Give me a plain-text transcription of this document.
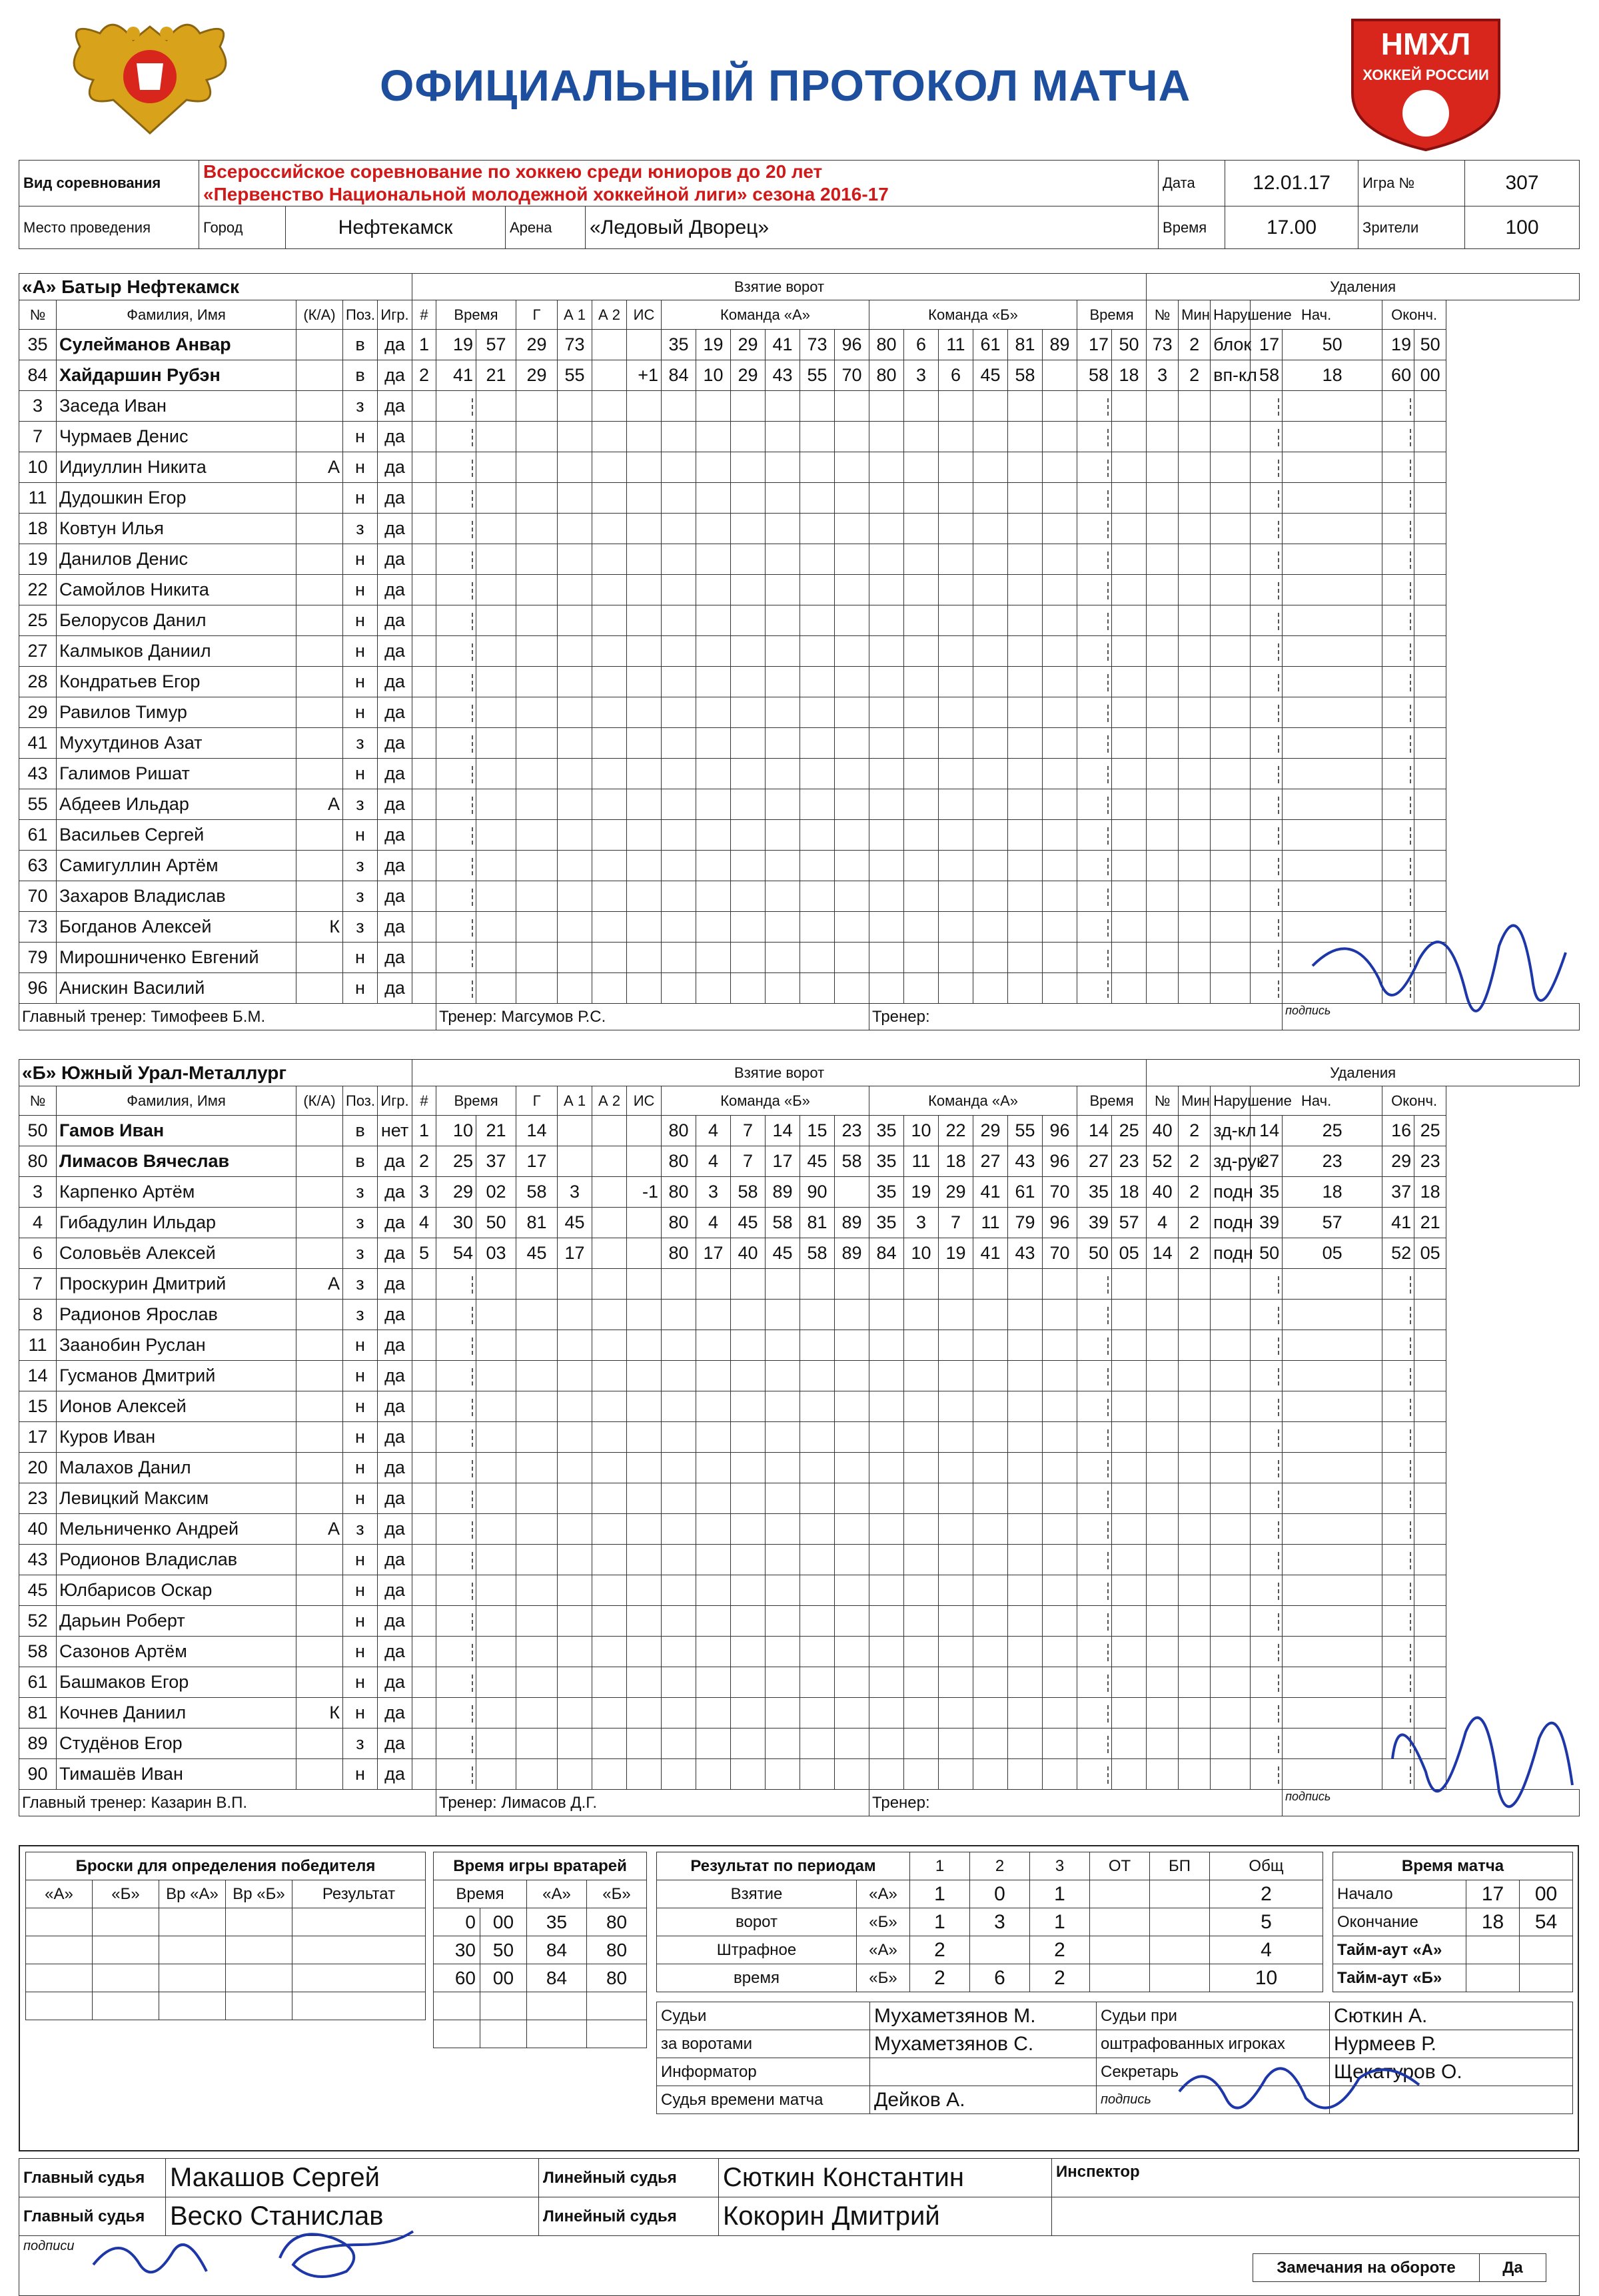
ОФИЦИАЛЬНЫЙ ПРОТОКОЛ МАТЧА
НМХЛ
ХОККЕЙ РОССИИ
Вид соревнования	Всероссийское соревнование по хоккею среди юниоров до 20 лет
«Первенство Национальной молодежной хоккейной лиги» сезона 2016-17				Дата	12.01.17	Игра №	307
Место проведения	Город	Нефтекамск	Арена	«Ледовый Дворец»	Время	17.00	Зрители	100
«А» Батыр Нефтекамск					Взятие ворот																					Удаления						
№	Фамилия, Имя	(К/А)	Поз.	Игр.	#	Время		Г	А 1	А 2	ИС	Команда «А»						Команда «Б»						Время		№	Мин	Нарушение	Нач.		Оконч.	
35	Сулейманов Анвар		в	да	1	19	57	29	73			35	19	29	41	73	96	80	6	11	61	81	89	17	50	73	2	блок	17	50	19	50
84	Хайдаршин Рубэн		в	да	2	41	21	29	55		+1	84	10	29	43	55	70	80	3	6	45	58		58	18	3	2	вп-кл	58	18	60	00
3	Заседа Иван		з	да																												
7	Чурмаев Денис		н	да																												
10	Идиуллин Никита	А	н	да																												
11	Дудошкин Егор		н	да																												
18	Ковтун Илья		з	да																												
19	Данилов Денис		н	да																												
22	Самойлов Никита		н	да																												
25	Белорусов Данил		н	да																												
27	Калмыков Даниил		н	да																												
28	Кондратьев Егор		н	да																												
29	Равилов Тимур		н	да																												
41	Мухутдинов Азат		з	да																												
43	Галимов Ришат		н	да																												
55	Абдеев Ильдар	А	з	да																												
61	Васильев Сергей		н	да																												
63	Самигуллин Артём		з	да																												
70	Захаров Владислав		з	да																												
73	Богданов Алексей	К	з	да																												
79	Мирошниченко Евгений		н	да																												
96	Анискин Василий		н	да																												
Главный тренер: Тимофеев Б.М.						Тренер: Магсумов Р.С.												Тренер:												подпись		
«Б» Южный Урал-Металлург					Взятие ворот																					Удаления						
№	Фамилия, Имя	(К/А)	Поз.	Игр.	#	Время		Г	А 1	А 2	ИС	Команда «Б»						Команда «А»						Время		№	Мин	Нарушение	Нач.		Оконч.	
50	Гамов Иван		в	нет	1	10	21	14				80	4	7	14	15	23	35	10	22	29	55	96	14	25	40	2	зд-кл	14	25	16	25
80	Лимасов Вячеслав		в	да	2	25	37	17				80	4	7	17	45	58	35	11	18	27	43	96	27	23	52	2	зд-рук	27	23	29	23
3	Карпенко Артём		з	да	3	29	02	58	3		-1	80	3	58	89	90		35	19	29	41	61	70	35	18	40	2	подн	35	18	37	18
4	Гибадулин Ильдар		з	да	4	30	50	81	45			80	4	45	58	81	89	35	3	7	11	79	96	39	57	4	2	подн	39	57	41	21
6	Соловьёв Алексей		з	да	5	54	03	45	17			80	17	40	45	58	89	84	10	19	41	43	70	50	05	14	2	подн	50	05	52	05
7	Проскурин Дмитрий	А	з	да																												
8	Радионов Ярослав		з	да																												
11	Заанобин Руслан		н	да																												
14	Гусманов Дмитрий		н	да																												
15	Ионов Алексей		н	да																												
17	Куров Иван		н	да																												
20	Малахов Данил		н	да																												
23	Левицкий Максим		н	да																												
40	Мельниченко Андрей	А	з	да																												
43	Родионов Владислав		н	да																												
45	Юлбарисов Оскар		н	да																												
52	Дарьин Роберт		н	да																												
58	Сазонов Артём		н	да																												
61	Башмаков Егор		н	да																												
81	Кочнев Даниил	К	н	да																												
89	Студёнов Егор		з	да																												
90	Тимашёв Иван		н	да																												
Главный тренер: Казарин В.П.						Тренер: Лимасов Д.Г.												Тренер:												подпись		
Броски для определения победителя				
«А»	«Б»	Вр «А»	Вр «Б»	Результат

Время игры вратарей			
Время		«А»	«Б»
0	00	35	80
30	50	84	80
60	00	84	80

Результат по периодам		1	2	3	ОТ	БП	Общ
Взятие	«А»	1	0	1			2
ворот	«Б»	1	3	1			5
Штрафное	«А»	2		2			4
время	«Б»	2	6	2			10
Время матча		
Начало	17	00
Окончание	18	54
Тайм-аут «А»		
Тайм-аут «Б»		
Судьи	Мухаметзянов М.	Судьи при	Сюткин А.
за воротами	Мухаметзянов С.	оштрафованных игроках	Нурмеев Р.
Информатор		Секретарь	Щекатуров О.
Судья времени матча	Дейков А.	подпись	
Главный судья	Макашов Сергей	Линейный судья	Сюткин Константин	Инспектор
Главный судья	Веско Станислав	Линейный судья	Кокорин Дмитрий	
подписи				
Замечания на обороте	Да
